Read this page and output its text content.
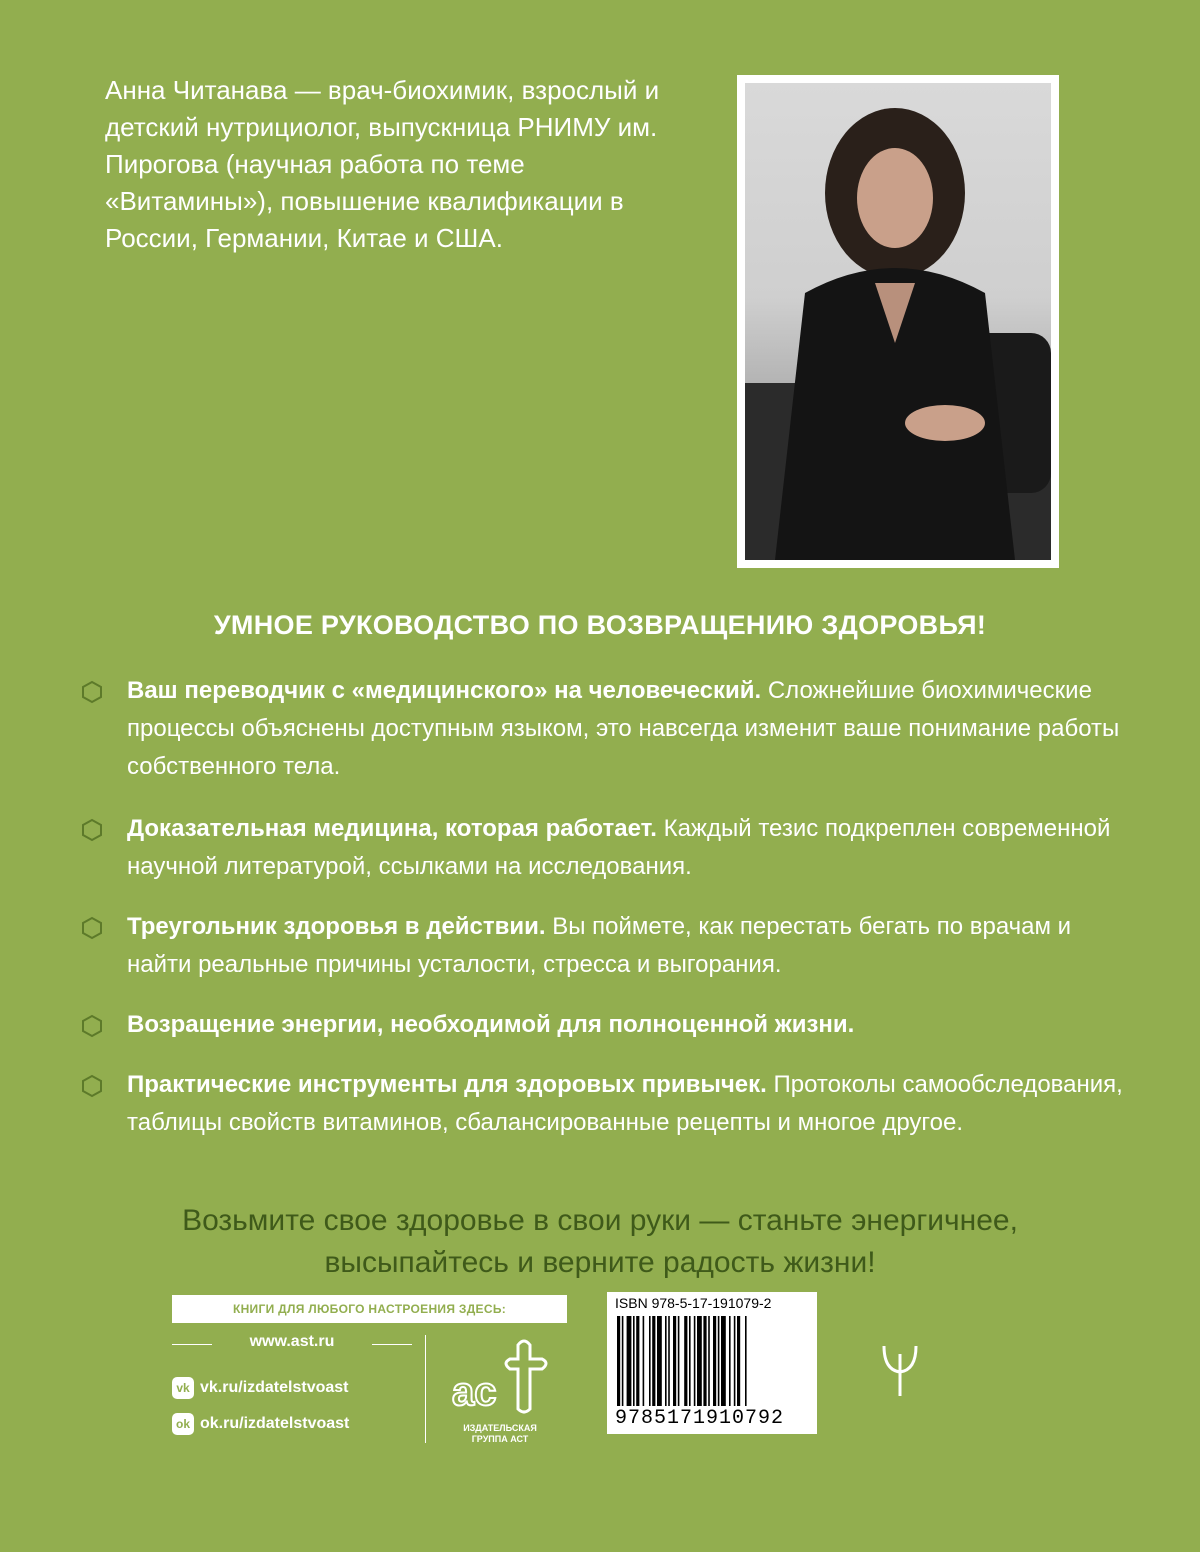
Анна Читанава — врач-биохимик, взрослый и детский нутрициолог, выпускница РНИМУ им. Пирогова (научная работа по теме «Витамины»), повышение квалификации в России, Германии, Китае и США.
УМНОЕ РУКОВОДСТВО ПО ВОЗВРАЩЕНИЮ ЗДОРОВЬЯ!
Ваш переводчик с «медицинского» на человеческий. Сложнейшие биохимические процессы объяснены доступным языком, это навсегда изменит ваше понимание работы собственного тела.
Доказательная медицина, которая работает. Каждый тезис подкреплен современной научной литературой, ссылками на исследования.
Треугольник здоровья в действии. Вы поймете, как перестать бегать по врачам и найти реальные причины усталости, стресса и выгорания.
Возращение энергии, необходимой для полноценной жизни.
Практические инструменты для здоровых привычек. Протоколы самообследования, таблицы свойств витаминов, сбалансированные рецепты и многое другое.
Возьмите свое здоровье в свои руки — станьте энергичнее,
высыпайтесь и верните радость жизни!
КНИГИ ДЛЯ ЛЮБОГО НАСТРОЕНИЯ ЗДЕСЬ:
www.ast.ru
vk vk.ru/izdatelstvoast
ok ok.ru/izdatelstvoast
ас
ИЗДАТЕЛЬСКАЯ
ГРУППА АСТ
ISBN 978-5-17-191079-2
9785171910792
